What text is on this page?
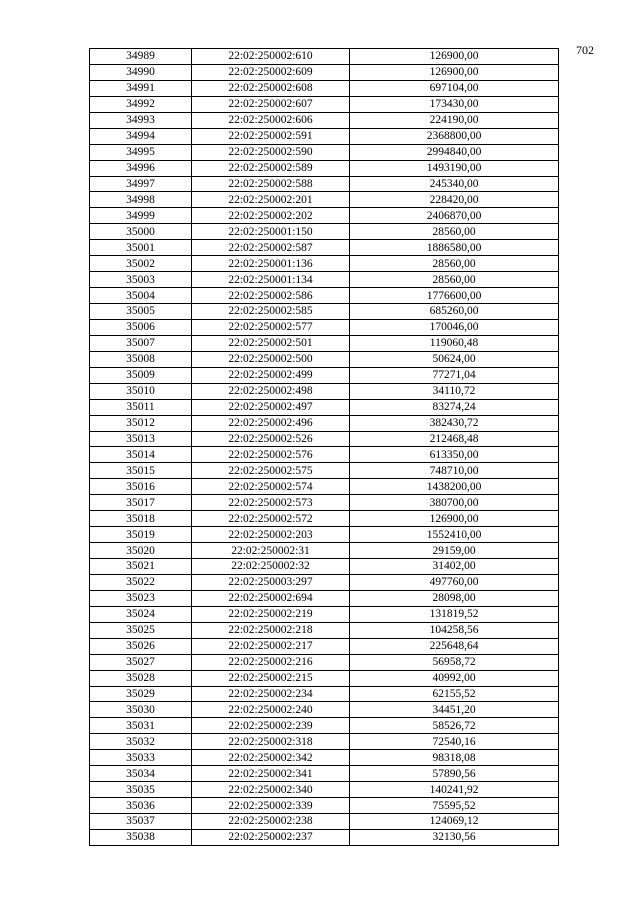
702
34989	22:02:250002:610	126900,00
34990	22:02:250002:609	126900,00
34991	22:02:250002:608	697104,00
34992	22:02:250002:607	173430,00
34993	22:02:250002:606	224190,00
34994	22:02:250002:591	2368800,00
34995	22:02:250002:590	2994840,00
34996	22:02:250002:589	1493190,00
34997	22:02:250002:588	245340,00
34998	22:02:250002:201	228420,00
34999	22:02:250002:202	2406870,00
35000	22:02:250001:150	28560,00
35001	22:02:250002:587	1886580,00
35002	22:02:250001:136	28560,00
35003	22:02:250001:134	28560,00
35004	22:02:250002:586	1776600,00
35005	22:02:250002:585	685260,00
35006	22:02:250002:577	170046,00
35007	22:02:250002:501	119060,48
35008	22:02:250002:500	50624,00
35009	22:02:250002:499	77271,04
35010	22:02:250002:498	34110,72
35011	22:02:250002:497	83274,24
35012	22:02:250002:496	382430,72
35013	22:02:250002:526	212468,48
35014	22:02:250002:576	613350,00
35015	22:02:250002:575	748710,00
35016	22:02:250002:574	1438200,00
35017	22:02:250002:573	380700,00
35018	22:02:250002:572	126900,00
35019	22:02:250002:203	1552410,00
35020	22:02:250002:31	29159,00
35021	22:02:250002:32	31402,00
35022	22:02:250003:297	497760,00
35023	22:02:250002:694	28098,00
35024	22:02:250002:219	131819,52
35025	22:02:250002:218	104258,56
35026	22:02:250002:217	225648,64
35027	22:02:250002:216	56958,72
35028	22:02:250002:215	40992,00
35029	22:02:250002:234	62155,52
35030	22:02:250002:240	34451,20
35031	22:02:250002:239	58526,72
35032	22:02:250002:318	72540,16
35033	22:02:250002:342	98318,08
35034	22:02:250002:341	57890,56
35035	22:02:250002:340	140241,92
35036	22:02:250002:339	75595,52
35037	22:02:250002:238	124069,12
35038	22:02:250002:237	32130,56
